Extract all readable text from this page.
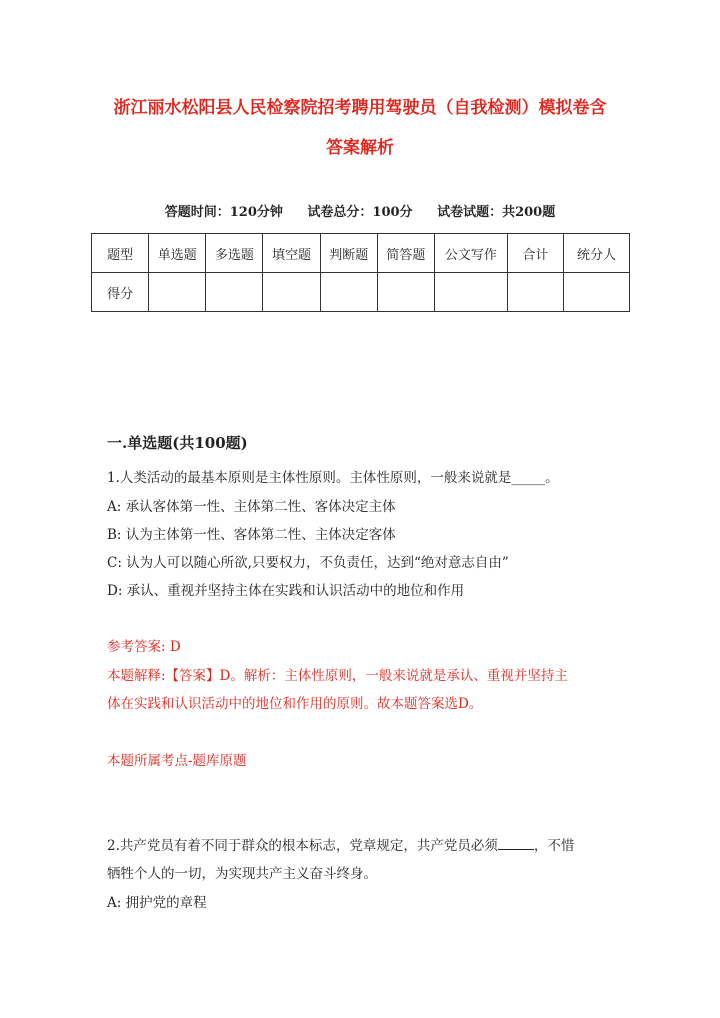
浙江丽水松阳县人民检察院招考聘用驾驶员（自我检测）模拟卷含
答案解析
答题时间：120分钟 试卷总分：100分 试卷试题：共200题
题型	单选题	多选题	填空题	判断题	简答题	公文写作	合计	统分人
得分								
一.单选题(共100题)
1.人类活动的最基本原则是主体性原则。主体性原则，一般来说就是_____。
A: 承认客体第一性、主体第二性、客体决定主体
B: 认为主体第一性、客体第二性、主体决定客体
C: 认为人可以随心所欲,只要权力，不负责任，达到“绝对意志自由”
D: 承认、重视并坚持主体在实践和认识活动中的地位和作用
参考答案: D
本题解释:【答案】D。解析：主体性原则，一般来说就是承认、重视并坚持主
体在实践和认识活动中的地位和作用的原则。故本题答案选D。
本题所属考点-题库原题
2.共产党员有着不同于群众的根本标志，党章规定，共产党员必须	，不惜
牺牲个人的一切，为实现共产主义奋斗终身。
A: 拥护党的章程
